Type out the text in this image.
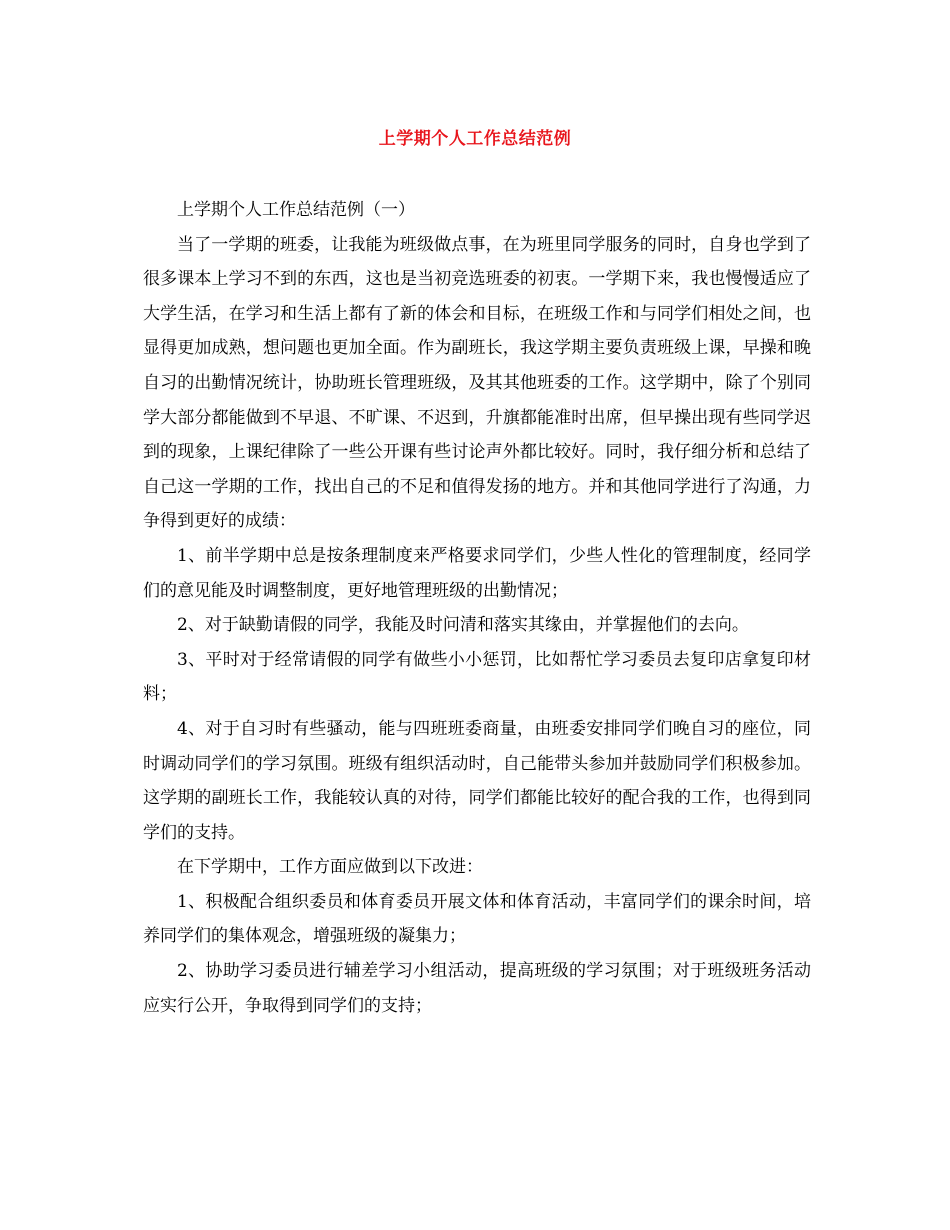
上学期个人工作总结范例

上学期个人工作总结范例（一）

当了一学期的班委，让我能为班级做点事，在为班里同学服务的同时，自身也学到了很多课本上学习不到的东西，这也是当初竞选班委的初衷。一学期下来，我也慢慢适应了大学生活，在学习和生活上都有了新的体会和目标，在班级工作和与同学们相处之间，也显得更加成熟，想问题也更加全面。作为副班长，我这学期主要负责班级上课，早操和晚自习的出勤情况统计，协助班长管理班级，及其其他班委的工作。这学期中，除了个别同学大部分都能做到不早退、不旷课、不迟到，升旗都能准时出席，但早操出现有些同学迟到的现象，上课纪律除了一些公开课有些讨论声外都比较好。同时，我仔细分析和总结了自己这一学期的工作，找出自己的不足和值得发扬的地方。并和其他同学进行了沟通，力争得到更好的成绩：

1、前半学期中总是按条理制度来严格要求同学们，少些人性化的管理制度，经同学们的意见能及时调整制度，更好地管理班级的出勤情况；

2、对于缺勤请假的同学，我能及时问清和落实其缘由，并掌握他们的去向。

3、平时对于经常请假的同学有做些小小惩罚，比如帮忙学习委员去复印店拿复印材料；

4、对于自习时有些骚动，能与四班班委商量，由班委安排同学们晚自习的座位，同时调动同学们的学习氛围。班级有组织活动时，自己能带头参加并鼓励同学们积极参加。这学期的副班长工作，我能较认真的对待，同学们都能比较好的配合我的工作，也得到同学们的支持。

在下学期中，工作方面应做到以下改进：

1、积极配合组织委员和体育委员开展文体和体育活动，丰富同学们的课余时间，培养同学们的集体观念，增强班级的凝集力；

2、协助学习委员进行辅差学习小组活动，提高班级的学习氛围；对于班级班务活动应实行公开，争取得到同学们的支持；
